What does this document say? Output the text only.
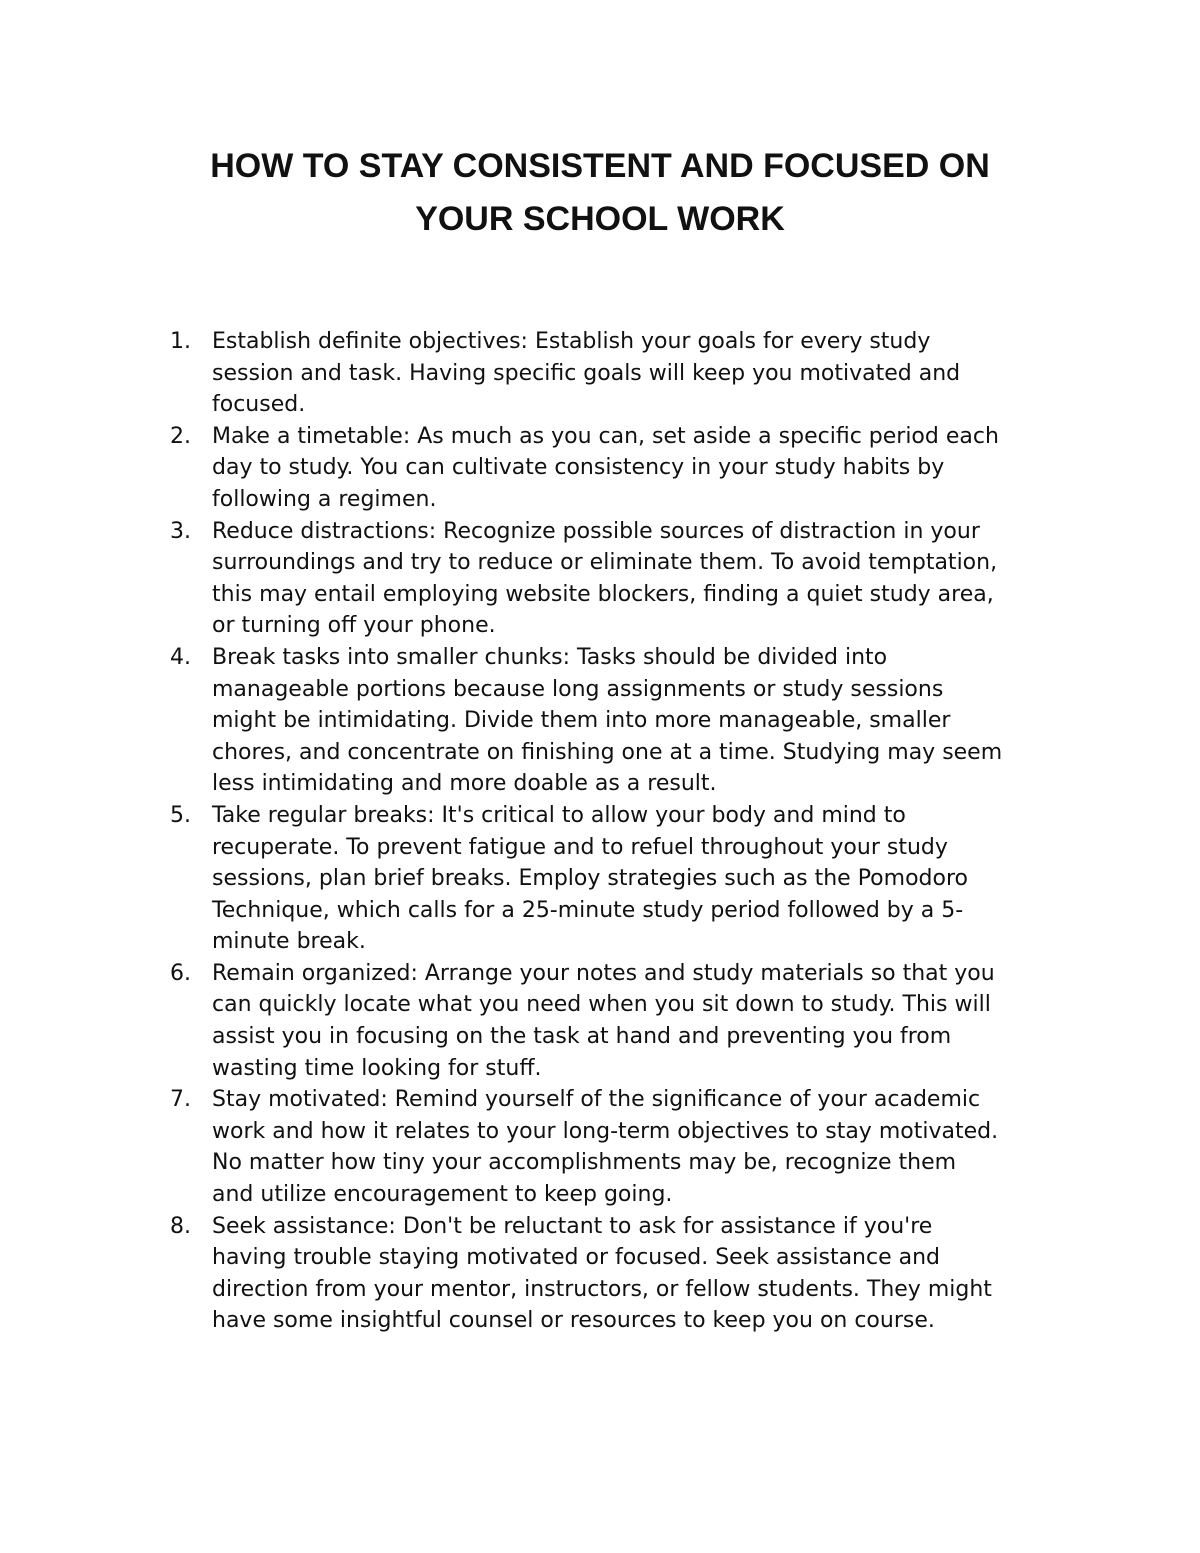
HOW TO STAY CONSISTENT AND FOCUSED ON
YOUR SCHOOL WORK
1. Establish definite objectives: Establish your goals for every study
session and task. Having specific goals will keep you motivated and
focused.
2. Make a timetable: As much as you can, set aside a specific period each
day to study. You can cultivate consistency in your study habits by
following a regimen.
3. Reduce distractions: Recognize possible sources of distraction in your
surroundings and try to reduce or eliminate them. To avoid temptation,
this may entail employing website blockers, finding a quiet study area,
or turning off your phone.
4. Break tasks into smaller chunks: Tasks should be divided into
manageable portions because long assignments or study sessions
might be intimidating. Divide them into more manageable, smaller
chores, and concentrate on finishing one at a time. Studying may seem
less intimidating and more doable as a result.
5. Take regular breaks: It's critical to allow your body and mind to
recuperate. To prevent fatigue and to refuel throughout your study
sessions, plan brief breaks. Employ strategies such as the Pomodoro
Technique, which calls for a 25-minute study period followed by a 5-
minute break.
6. Remain organized: Arrange your notes and study materials so that you
can quickly locate what you need when you sit down to study. This will
assist you in focusing on the task at hand and preventing you from
wasting time looking for stuff.
7. Stay motivated: Remind yourself of the significance of your academic
work and how it relates to your long-term objectives to stay motivated.
No matter how tiny your accomplishments may be, recognize them
and utilize encouragement to keep going.
8. Seek assistance: Don't be reluctant to ask for assistance if you're
having trouble staying motivated or focused. Seek assistance and
direction from your mentor, instructors, or fellow students. They might
have some insightful counsel or resources to keep you on course.
